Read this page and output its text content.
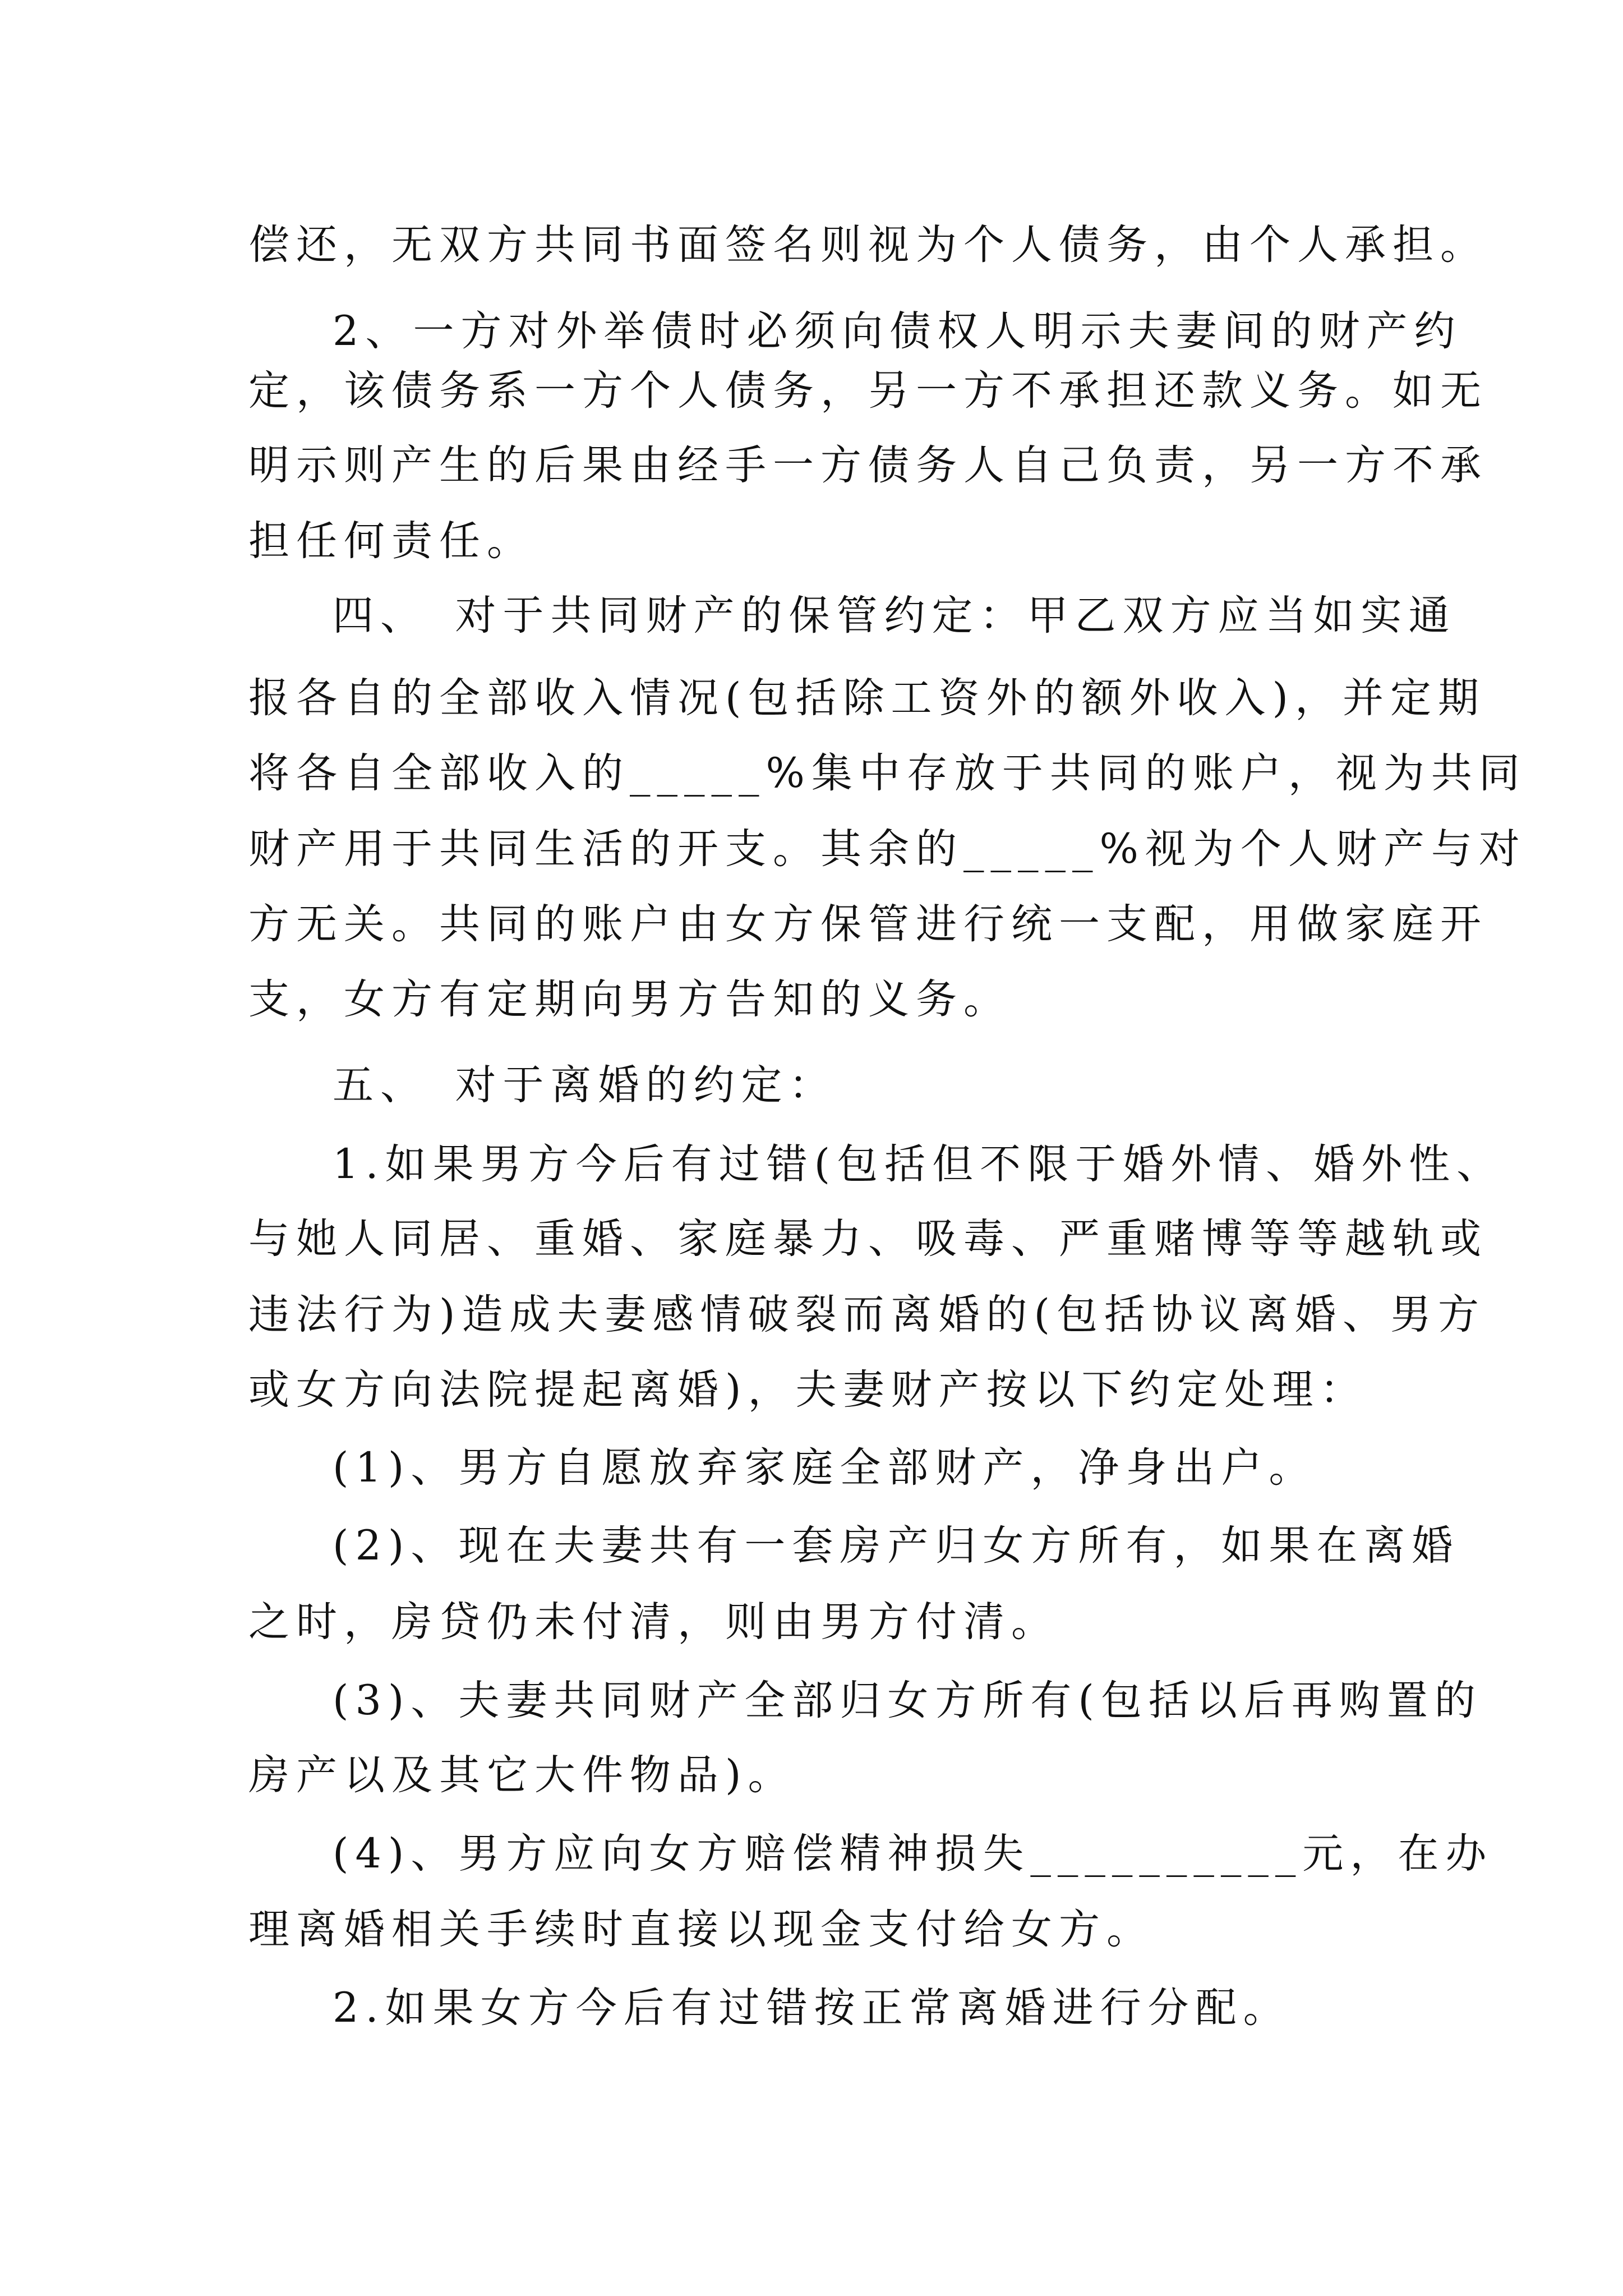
偿还，无双方共同书面签名则视为个人债务，由个人承担。
2、一方对外举债时必须向债权人明示夫妻间的财产约
定，该债务系一方个人债务，另一方不承担还款义务。如无
明示则产生的后果由经手一方债务人自己负责，另一方不承
担任何责任。
四、　对于共同财产的保管约定：甲乙双方应当如实通
报各自的全部收入情况(包括除工资外的额外收入)，并定期
将各自全部收入的_____%集中存放于共同的账户，视为共同
财产用于共同生活的开支。其余的_____%视为个人财产与对
方无关。共同的账户由女方保管进行统一支配，用做家庭开
支，女方有定期向男方告知的义务。
五、　对于离婚的约定：
1.如果男方今后有过错(包括但不限于婚外情、婚外性、
与她人同居、重婚、家庭暴力、吸毒、严重赌博等等越轨或
违法行为)造成夫妻感情破裂而离婚的(包括协议离婚、男方
或女方向法院提起离婚)，夫妻财产按以下约定处理：
(1)、男方自愿放弃家庭全部财产，净身出户。
(2)、现在夫妻共有一套房产归女方所有，如果在离婚
之时，房贷仍未付清，则由男方付清。
(3)、夫妻共同财产全部归女方所有(包括以后再购置的
房产以及其它大件物品)。
(4)、男方应向女方赔偿精神损失__________元，在办
理离婚相关手续时直接以现金支付给女方。
2.如果女方今后有过错按正常离婚进行分配。
